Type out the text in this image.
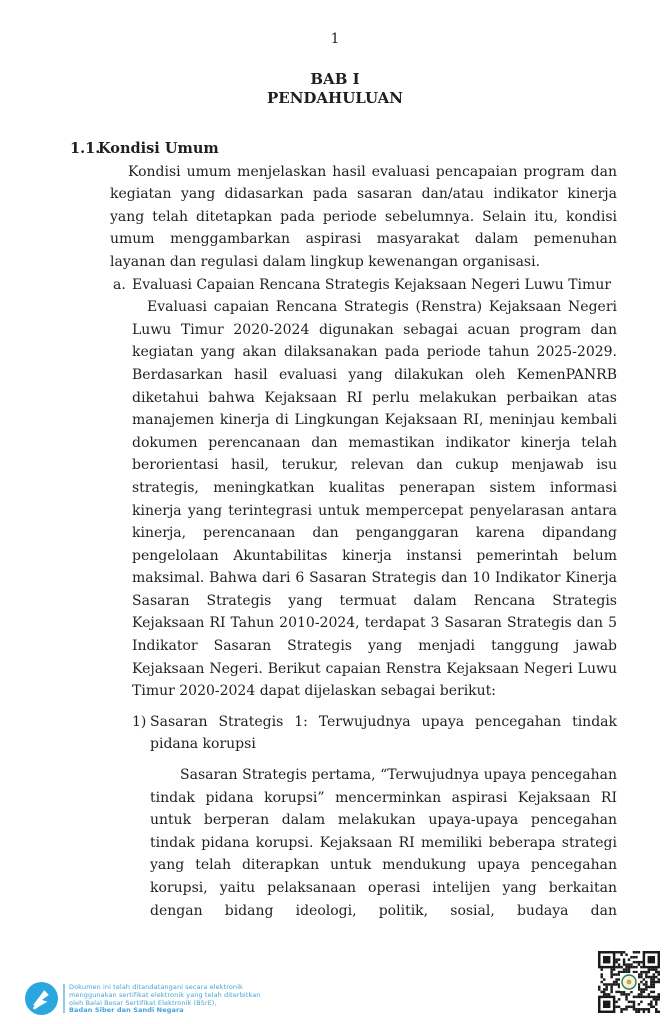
1
BAB I
PENDAHULUAN
1.1.
Kondisi Umum

Kondisi umum menjelaskan hasil evaluasi pencapaian program dan kegiatan yang didasarkan pada sasaran dan/atau indikator kinerja yang telah ditetapkan pada periode sebelumnya. Selain itu, kondisi umum menggambarkan aspirasi masyarakat dalam pemenuhan layanan dan regulasi dalam lingkup kewenangan organisasi.

a. Evaluasi Capaian Rencana Strategis Kejaksaan Negeri Luwu Timur

Evaluasi capaian Rencana Strategis (Renstra) Kejaksaan Negeri Luwu Timur 2020-2024 digunakan sebagai acuan program dan kegiatan yang akan dilaksanakan pada periode tahun 2025-2029. Berdasarkan hasil evaluasi yang dilakukan oleh KemenPANRB diketahui bahwa Kejaksaan RI perlu melakukan perbaikan atas manajemen kinerja di Lingkungan Kejaksaan RI, meninjau kembali dokumen perencanaan dan memastikan indikator kinerja telah berorientasi hasil, terukur, relevan dan cukup menjawab isu strategis, meningkatkan kualitas penerapan sistem informasi kinerja yang terintegrasi untuk mempercepat penyelarasan antara kinerja, perencanaan dan penganggaran karena dipandang pengelolaan Akuntabilitas kinerja instansi pemerintah belum maksimal. Bahwa dari 6 Sasaran Strategis dan 10 Indikator Kinerja Sasaran Strategis yang termuat dalam Rencana Strategis Kejaksaan RI Tahun 2010-2024, terdapat 3 Sasaran Strategis dan 5 Indikator Sasaran Strategis yang menjadi tanggung jawab Kejaksaan Negeri. Berikut capaian Renstra Kejaksaan Negeri Luwu Timur 2020-2024 dapat dijelaskan sebagai berikut:

1) Sasaran Strategis 1: Terwujudnya upaya pencegahan tindak pidana korupsi

Sasaran Strategis pertama, “Terwujudnya upaya pencegahan tindak pidana korupsi” mencerminkan aspirasi Kejaksaan RI untuk berperan dalam melakukan upaya-upaya pencegahan tindak pidana korupsi. Kejaksaan RI memiliki beberapa strategi yang telah diterapkan untuk mendukung upaya pencegahan korupsi, yaitu pelaksanaan operasi intelijen yang berkaitan dengan bidang ideologi, politik, sosial, budaya dan

Dokumen ini telah ditandatangani secara elektronik
menggunakan sertifikat elektronik yang telah diterbitkan
oleh Balai Besar Sertifikat Elektronik (BSrE),
Badan Siber dan Sandi Negara
